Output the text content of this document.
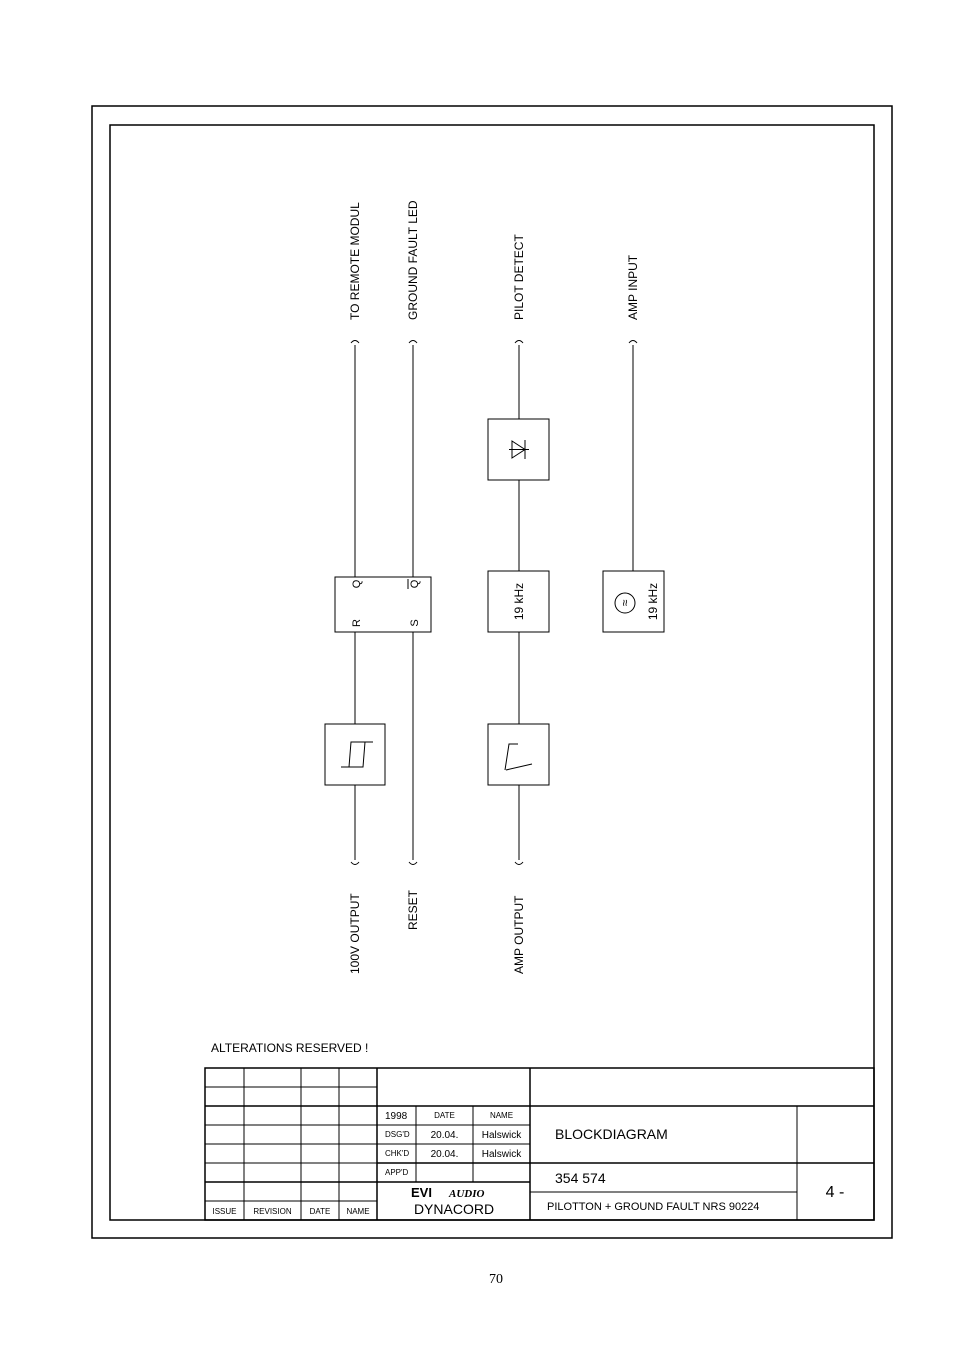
R
Q
S
Q	19 kHz	≈ 19 kHz
TO REMOTE MODUL	GROUND FAULT LED	PILOT DETECT	AMP INPUT
100V OUTPUT	RESET	AMP OUTPUT
ALTERATIONS RESERVED !
1998	DATE	NAME
DSG'D 20.04. Halswick
CHK'D 20.04. Halswick
APP'D
EVI AUDIO
DYNACORD
BLOCKDIAGRAM
354 574
PILOTTON + GROUND FAULT NRS 90224
4 -
ISSUE REVISION DATE NAME
70
